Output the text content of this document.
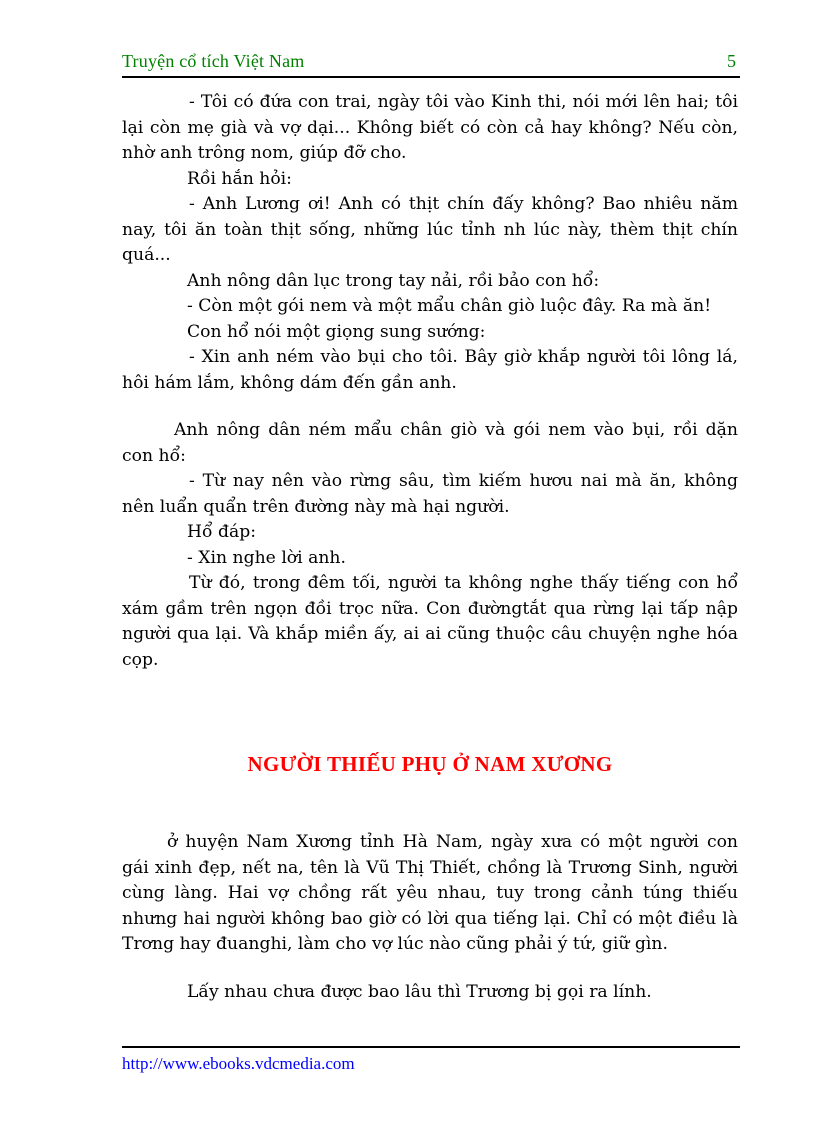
Truyện cổ tích Việt Nam	5

- Tôi có đứa con trai, ngày tôi vào Kinh thi, nói mới lên hai; tôi lại còn mẹ già và vợ dại... Không biết có còn cả hay không? Nếu còn, nhờ anh trông nom, giúp đỡ cho.

Rồi hắn hỏi:

- Anh Lương ơi! Anh có thịt chín đấy không? Bao nhiêu năm nay, tôi ăn toàn thịt sống, những lúc tỉnh nh lúc này, thèm thịt chín quá...

Anh nông dân lục trong tay nải, rồi bảo con hổ:

- Còn một gói nem và một mẩu chân giò luộc đây. Ra mà ăn!

Con hổ nói một giọng sung sướng:

- Xin anh ném vào bụi cho tôi. Bây giờ khắp người tôi lông lá, hôi hám lắm, không dám đến gần anh.

Anh nông dân ném mẩu chân giò và gói nem vào bụi, rồi dặn con hổ:

- Từ nay nên vào rừng sâu, tìm kiếm hươu nai mà ăn, không nên luẩn quẩn trên đường này mà hại người.

Hổ đáp:

- Xin nghe lời anh.

Từ đó, trong đêm tối, người ta không nghe thấy tiếng con hổ xám gầm trên ngọn đồi trọc nữa. Con đườngtắt qua rừng lại tấp nập người qua lại. Và khắp miền ấy, ai ai cũng thuộc câu chuyện nghe hóa cọp.

NGƯỜI THIẾU PHỤ Ở NAM XƯƠNG

ở huyện Nam Xương tỉnh Hà Nam, ngày xưa có một người con gái xinh đẹp, nết na, tên là Vũ Thị Thiết, chồng là Trương Sinh, người cùng làng. Hai vợ chồng rất yêu nhau, tuy trong cảnh túng thiếu nhưng hai người không bao giờ có lời qua tiếng lại. Chỉ có một điều là Trơng hay đuanghi, làm cho vợ lúc nào cũng phải ý tứ, giữ gìn.

Lấy nhau chưa được bao lâu thì Trương bị gọi ra lính.

http://www.ebooks.vdcmedia.com
